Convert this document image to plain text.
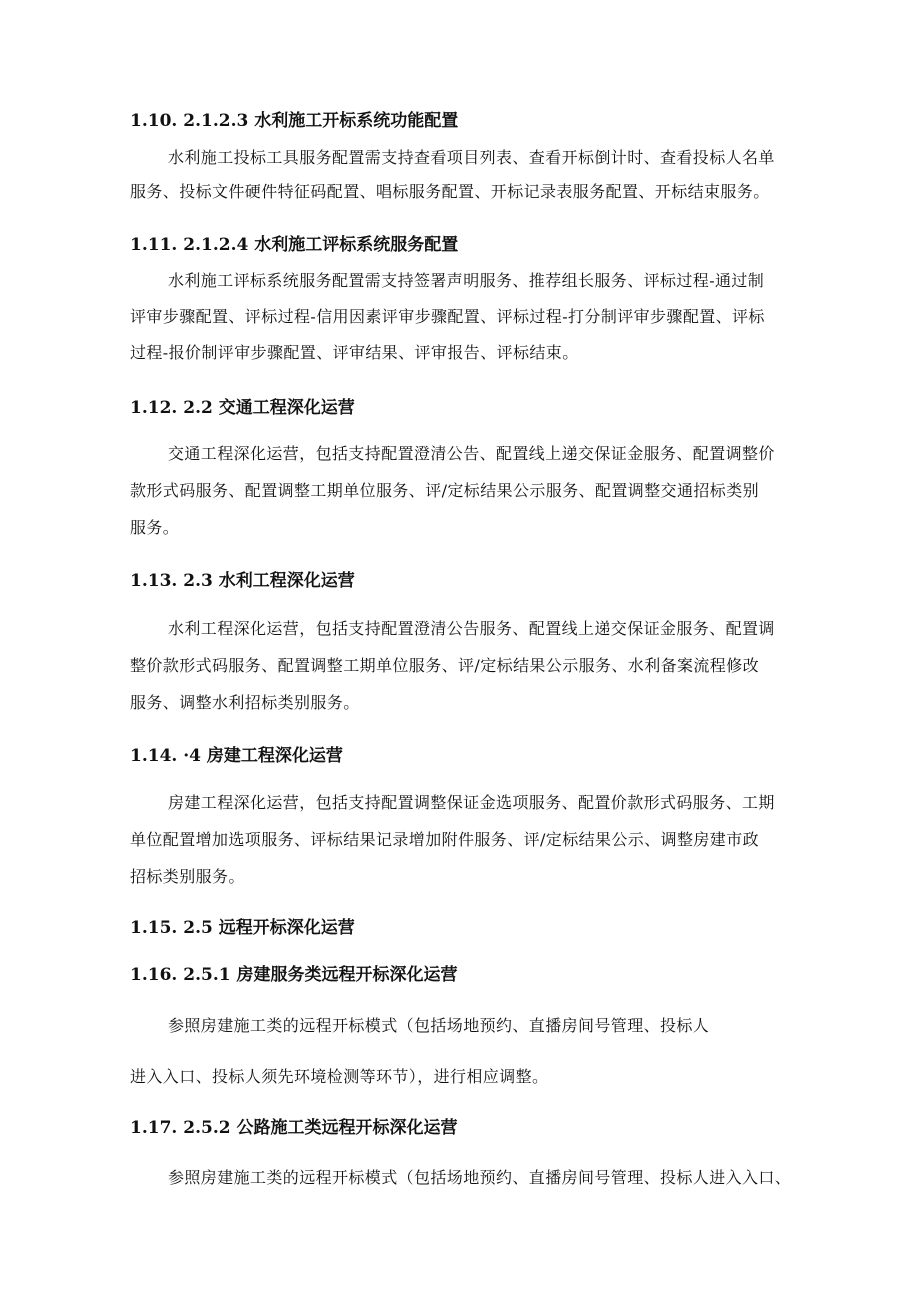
1.10. 2.1.2.3 水利施工开标系统功能配置

水利施工投标工具服务配置需支持查看项目列表、查看开标倒计时、查看投标人名单

服务、投标文件硬件特征码配置、唱标服务配置、开标记录表服务配置、开标结束服务。

1.11. 2.1.2.4 水利施工评标系统服务配置

水利施工评标系统服务配置需支持签署声明服务、推荐组长服务、评标过程-通过制

评审步骤配置、评标过程-信用因素评审步骤配置、评标过程-打分制评审步骤配置、评标

过程-报价制评审步骤配置、评审结果、评审报告、评标结束。

1.12. 2.2 交通工程深化运营

交通工程深化运营，包括支持配置澄清公告、配置线上递交保证金服务、配置调整价

款形式码服务、配置调整工期单位服务、评/定标结果公示服务、配置调整交通招标类别

服务。

1.13. 2.3 水利工程深化运营

水利工程深化运营，包括支持配置澄清公告服务、配置线上递交保证金服务、配置调

整价款形式码服务、配置调整工期单位服务、评/定标结果公示服务、水利备案流程修改

服务、调整水利招标类别服务。

1.14. ·4 房建工程深化运营

房建工程深化运营，包括支持配置调整保证金选项服务、配置价款形式码服务、工期

单位配置增加选项服务、评标结果记录增加附件服务、评/定标结果公示、调整房建市政

招标类别服务。

1.15. 2.5 远程开标深化运营
1.16. 2.5.1 房建服务类远程开标深化运营

参照房建施工类的远程开标模式（包括场地预约、直播房间号管理、投标人

进入入口、投标人须先环境检测等环节），进行相应调整。

1.17. 2.5.2 公路施工类远程开标深化运营

参照房建施工类的远程开标模式（包括场地预约、直播房间号管理、投标人进入入口、
